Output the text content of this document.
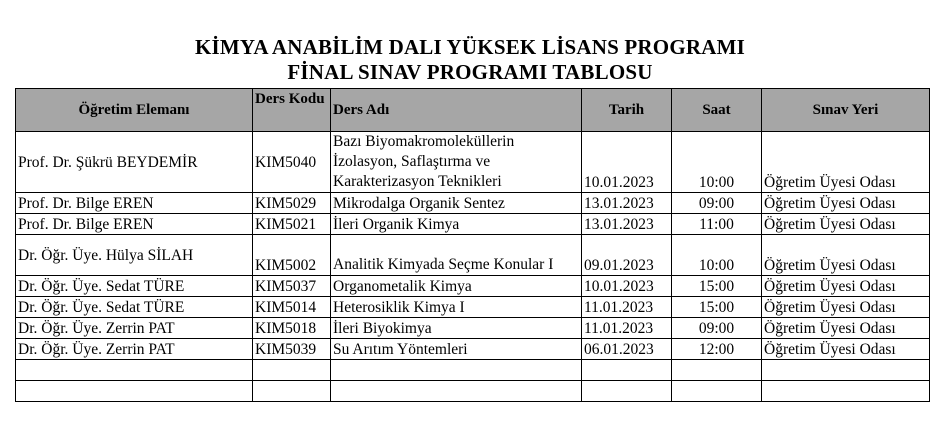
KİMYA ANABİLİM DALI YÜKSEK LİSANS PROGRAMI
FİNAL SINAV PROGRAMI TABLOSU
Öğretim Elemanı	Ders Kodu	Ders Adı	Tarih	Saat	Sınav Yeri
Prof. Dr. Şükrü BEYDEMİR	KIM5040	Bazı Biyomakromoleküllerin İzolasyon, Saflaştırma ve Karakterizasyon Teknikleri	10.01.2023	10:00	Öğretim Üyesi Odası
Prof. Dr. Bilge EREN	KIM5029	Mikrodalga Organik Sentez	13.01.2023	09:00	Öğretim Üyesi Odası
Prof. Dr. Bilge EREN	KIM5021	İleri Organik Kimya	13.01.2023	11:00	Öğretim Üyesi Odası
Dr. Öğr. Üye. Hülya SİLAH	KIM5002	Analitik Kimyada Seçme Konular I	09.01.2023	10:00	Öğretim Üyesi Odası
Dr. Öğr. Üye. Sedat TÜRE	KIM5037	Organometalik Kimya	10.01.2023	15:00	Öğretim Üyesi Odası
Dr. Öğr. Üye. Sedat TÜRE	KIM5014	Heterosiklik Kimya I	11.01.2023	15:00	Öğretim Üyesi Odası
Dr. Öğr. Üye. Zerrin PAT	KIM5018	İleri Biyokimya	11.01.2023	09:00	Öğretim Üyesi Odası
Dr. Öğr. Üye. Zerrin PAT	KIM5039	Su Arıtım Yöntemleri	06.01.2023	12:00	Öğretim Üyesi Odası
